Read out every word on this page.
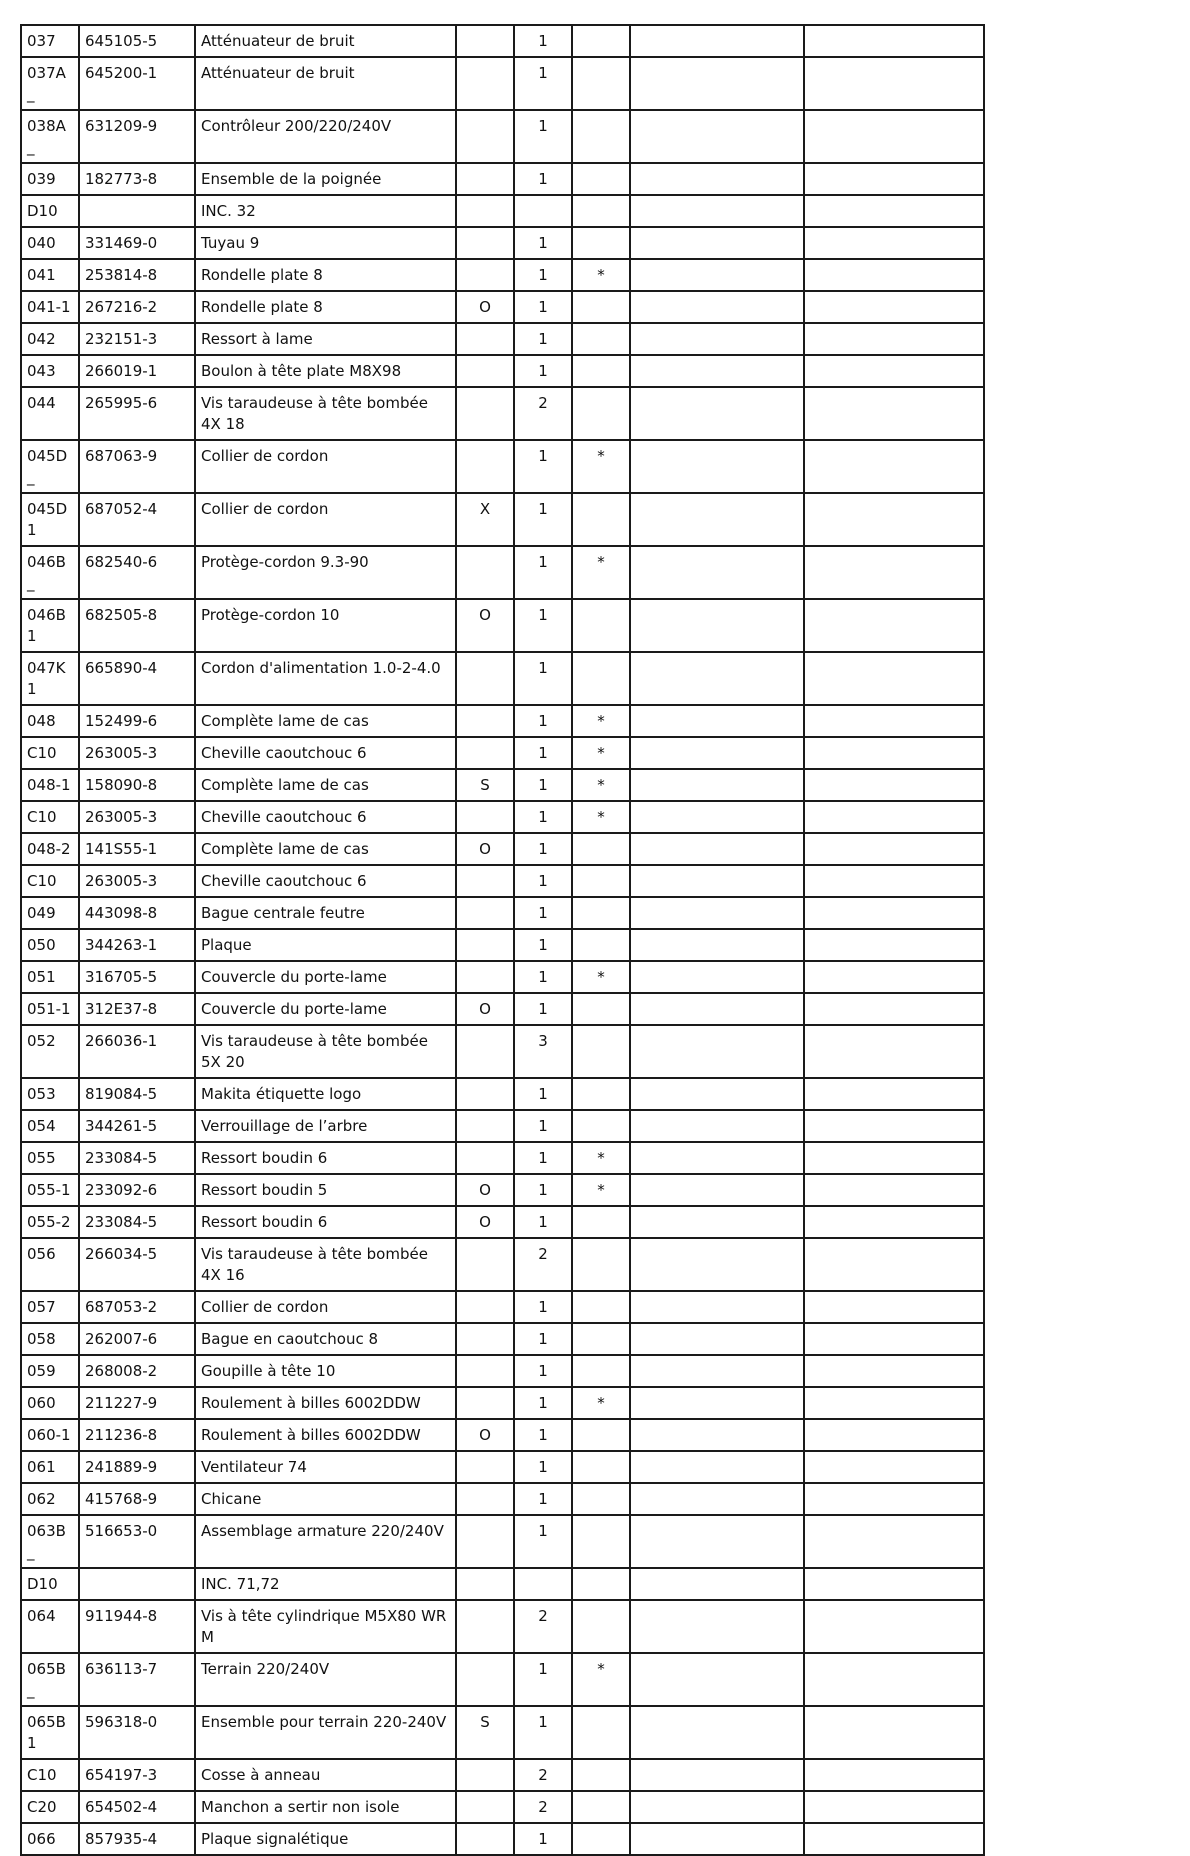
037	645105-5	Atténuateur de bruit		1			
037A_	645200-1	Atténuateur de bruit		1			
038A_	631209-9	Contrôleur 200/220/240V		1			
039	182773-8	Ensemble de la poignée		1			
D10		INC. 32					
040	331469-0	Tuyau 9		1			
041	253814-8	Rondelle plate 8		1	*		
041-1	267216-2	Rondelle plate 8	O	1			
042	232151-3	Ressort à lame		1			
043	266019-1	Boulon à tête plate M8X98		1			
044	265995-6	Vis taraudeuse à tête bombée 4X 18		2			
045D_	687063-9	Collier de cordon		1	*		
045D 1	687052-4	Collier de cordon	X	1			
046B_	682540-6	Protège-cordon 9.3-90		1	*		
046B1	682505-8	Protège-cordon 10	O	1			
047K1	665890-4	Cordon d'alimentation 1.0-2-4.0		1			
048	152499-6	Complète lame de cas		1	*		
C10	263005-3	Cheville caoutchouc 6		1	*		
048-1	158090-8	Complète lame de cas	S	1	*		
C10	263005-3	Cheville caoutchouc 6		1	*		
048-2	141S55-1	Complète lame de cas	O	1			
C10	263005-3	Cheville caoutchouc 6		1			
049	443098-8	Bague centrale feutre		1			
050	344263-1	Plaque		1			
051	316705-5	Couvercle du porte-lame		1	*		
051-1	312E37-8	Couvercle du porte-lame	O	1			
052	266036-1	Vis taraudeuse à tête bombée 5X 20		3			
053	819084-5	Makita étiquette logo		1			
054	344261-5	Verrouillage de l’arbre		1			
055	233084-5	Ressort boudin 6		1	*		
055-1	233092-6	Ressort boudin 5	O	1	*		
055-2	233084-5	Ressort boudin 6	O	1			
056	266034-5	Vis taraudeuse à tête bombée 4X 16		2			
057	687053-2	Collier de cordon		1			
058	262007-6	Bague en caoutchouc 8		1			
059	268008-2	Goupille à tête 10		1			
060	211227-9	Roulement à billes 6002DDW		1	*		
060-1	211236-8	Roulement à billes 6002DDW	O	1			
061	241889-9	Ventilateur 74		1			
062	415768-9	Chicane		1			
063B_	516653-0	Assemblage armature 220/240V		1			
D10		INC. 71,72					
064	911944-8	Vis à tête cylindrique M5X80 WR M		2			
065B_	636113-7	Terrain 220/240V		1	*		
065B1	596318-0	Ensemble pour terrain 220-240V	S	1			
C10	654197-3	Cosse à anneau		2			
C20	654502-4	Manchon a sertir non isole		2			
066	857935-4	Plaque signalétique		1			
